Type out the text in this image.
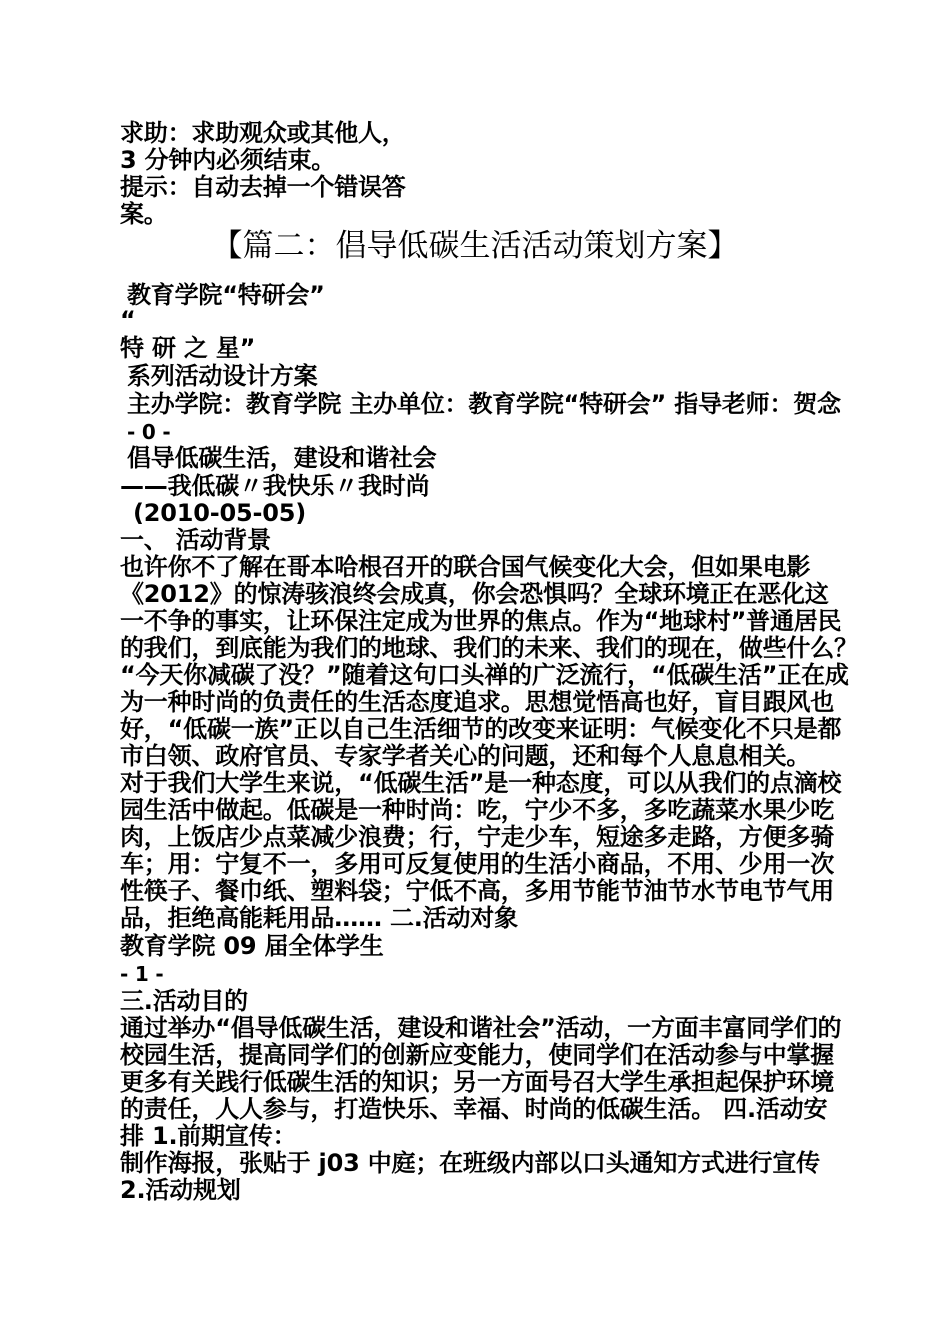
求助：求助观众或其他人，
3 分钟内必须结束。
提示：自动去掉一个错误答
案。
【篇二：倡导低碳生活活动策划方案】
教育学院“特研会”
“
特 研 之 星”
系列活动设计方案
主办学院：教育学院 主办单位：教育学院“特研会” 指导老师：贺念
- 0 -
倡导低碳生活，建设和谐社会
——我低碳〃我快乐〃我时尚
(2010-05-05)
一、 活动背景
也许你不了解在哥本哈根召开的联合国气候变化大会，但如果电影
《2012》的惊涛骇浪终会成真，你会恐惧吗？全球环境正在恶化这
一不争的事实，让环保注定成为世界的焦点。作为“地球村”普通居民
的我们，到底能为我们的地球、我们的未来、我们的现在，做些什么？
“今天你减碳了没？”随着这句口头禅的广泛流行，“低碳生活”正在成
为一种时尚的负责任的生活态度追求。思想觉悟高也好，盲目跟风也
好，“低碳一族”正以自己生活细节的改变来证明：气候变化不只是都
市白领、政府官员、专家学者关心的问题，还和每个人息息相关。
对于我们大学生来说，“低碳生活”是一种态度，可以从我们的点滴校
园生活中做起。低碳是一种时尚：吃，宁少不多，多吃蔬菜水果少吃
肉，上饭店少点菜减少浪费；行，宁走少车，短途多走路，方便多骑
车；用：宁复不一，多用可反复使用的生活小商品，不用、少用一次
性筷子、餐巾纸、塑料袋；宁低不高，多用节能节油节水节电节气用
品，拒绝高能耗用品…… 二.活动对象
教育学院 09 届全体学生
- 1 -
三.活动目的
通过举办“倡导低碳生活，建设和谐社会”活动，一方面丰富同学们的
校园生活，提高同学们的创新应变能力，使同学们在活动参与中掌握
更多有关践行低碳生活的知识；另一方面号召大学生承担起保护环境
的责任，人人参与，打造快乐、幸福、时尚的低碳生活。 四.活动安
排 1.前期宣传：
制作海报，张贴于 j03 中庭；在班级内部以口头通知方式进行宣传
2.活动规划
